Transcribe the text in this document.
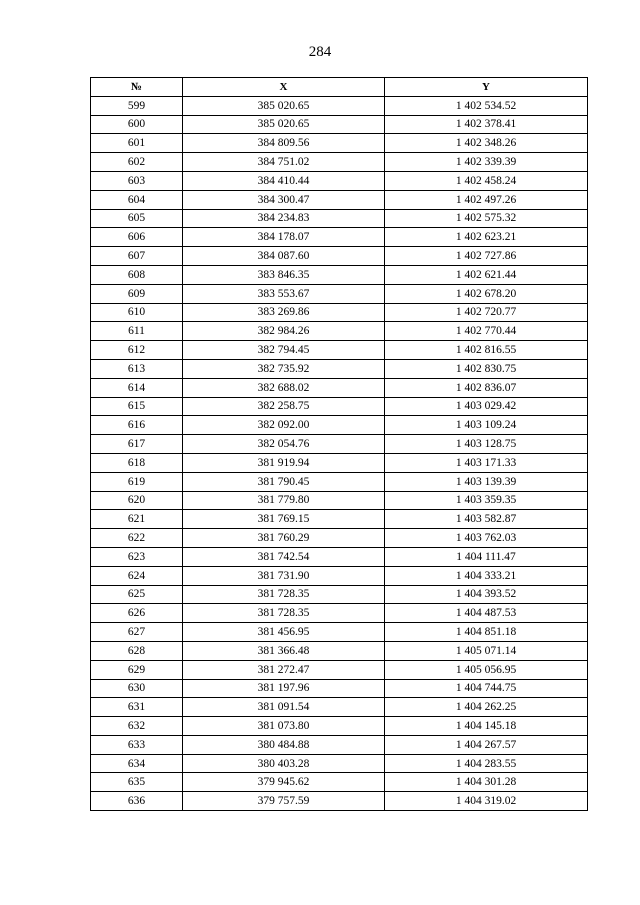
284
№	X	Y
599	385 020.65	1 402 534.52
600	385 020.65	1 402 378.41
601	384 809.56	1 402 348.26
602	384 751.02	1 402 339.39
603	384 410.44	1 402 458.24
604	384 300.47	1 402 497.26
605	384 234.83	1 402 575.32
606	384 178.07	1 402 623.21
607	384 087.60	1 402 727.86
608	383 846.35	1 402 621.44
609	383 553.67	1 402 678.20
610	383 269.86	1 402 720.77
611	382 984.26	1 402 770.44
612	382 794.45	1 402 816.55
613	382 735.92	1 402 830.75
614	382 688.02	1 402 836.07
615	382 258.75	1 403 029.42
616	382 092.00	1 403 109.24
617	382 054.76	1 403 128.75
618	381 919.94	1 403 171.33
619	381 790.45	1 403 139.39
620	381 779.80	1 403 359.35
621	381 769.15	1 403 582.87
622	381 760.29	1 403 762.03
623	381 742.54	1 404 111.47
624	381 731.90	1 404 333.21
625	381 728.35	1 404 393.52
626	381 728.35	1 404 487.53
627	381 456.95	1 404 851.18
628	381 366.48	1 405 071.14
629	381 272.47	1 405 056.95
630	381 197.96	1 404 744.75
631	381 091.54	1 404 262.25
632	381 073.80	1 404 145.18
633	380 484.88	1 404 267.57
634	380 403.28	1 404 283.55
635	379 945.62	1 404 301.28
636	379 757.59	1 404 319.02
